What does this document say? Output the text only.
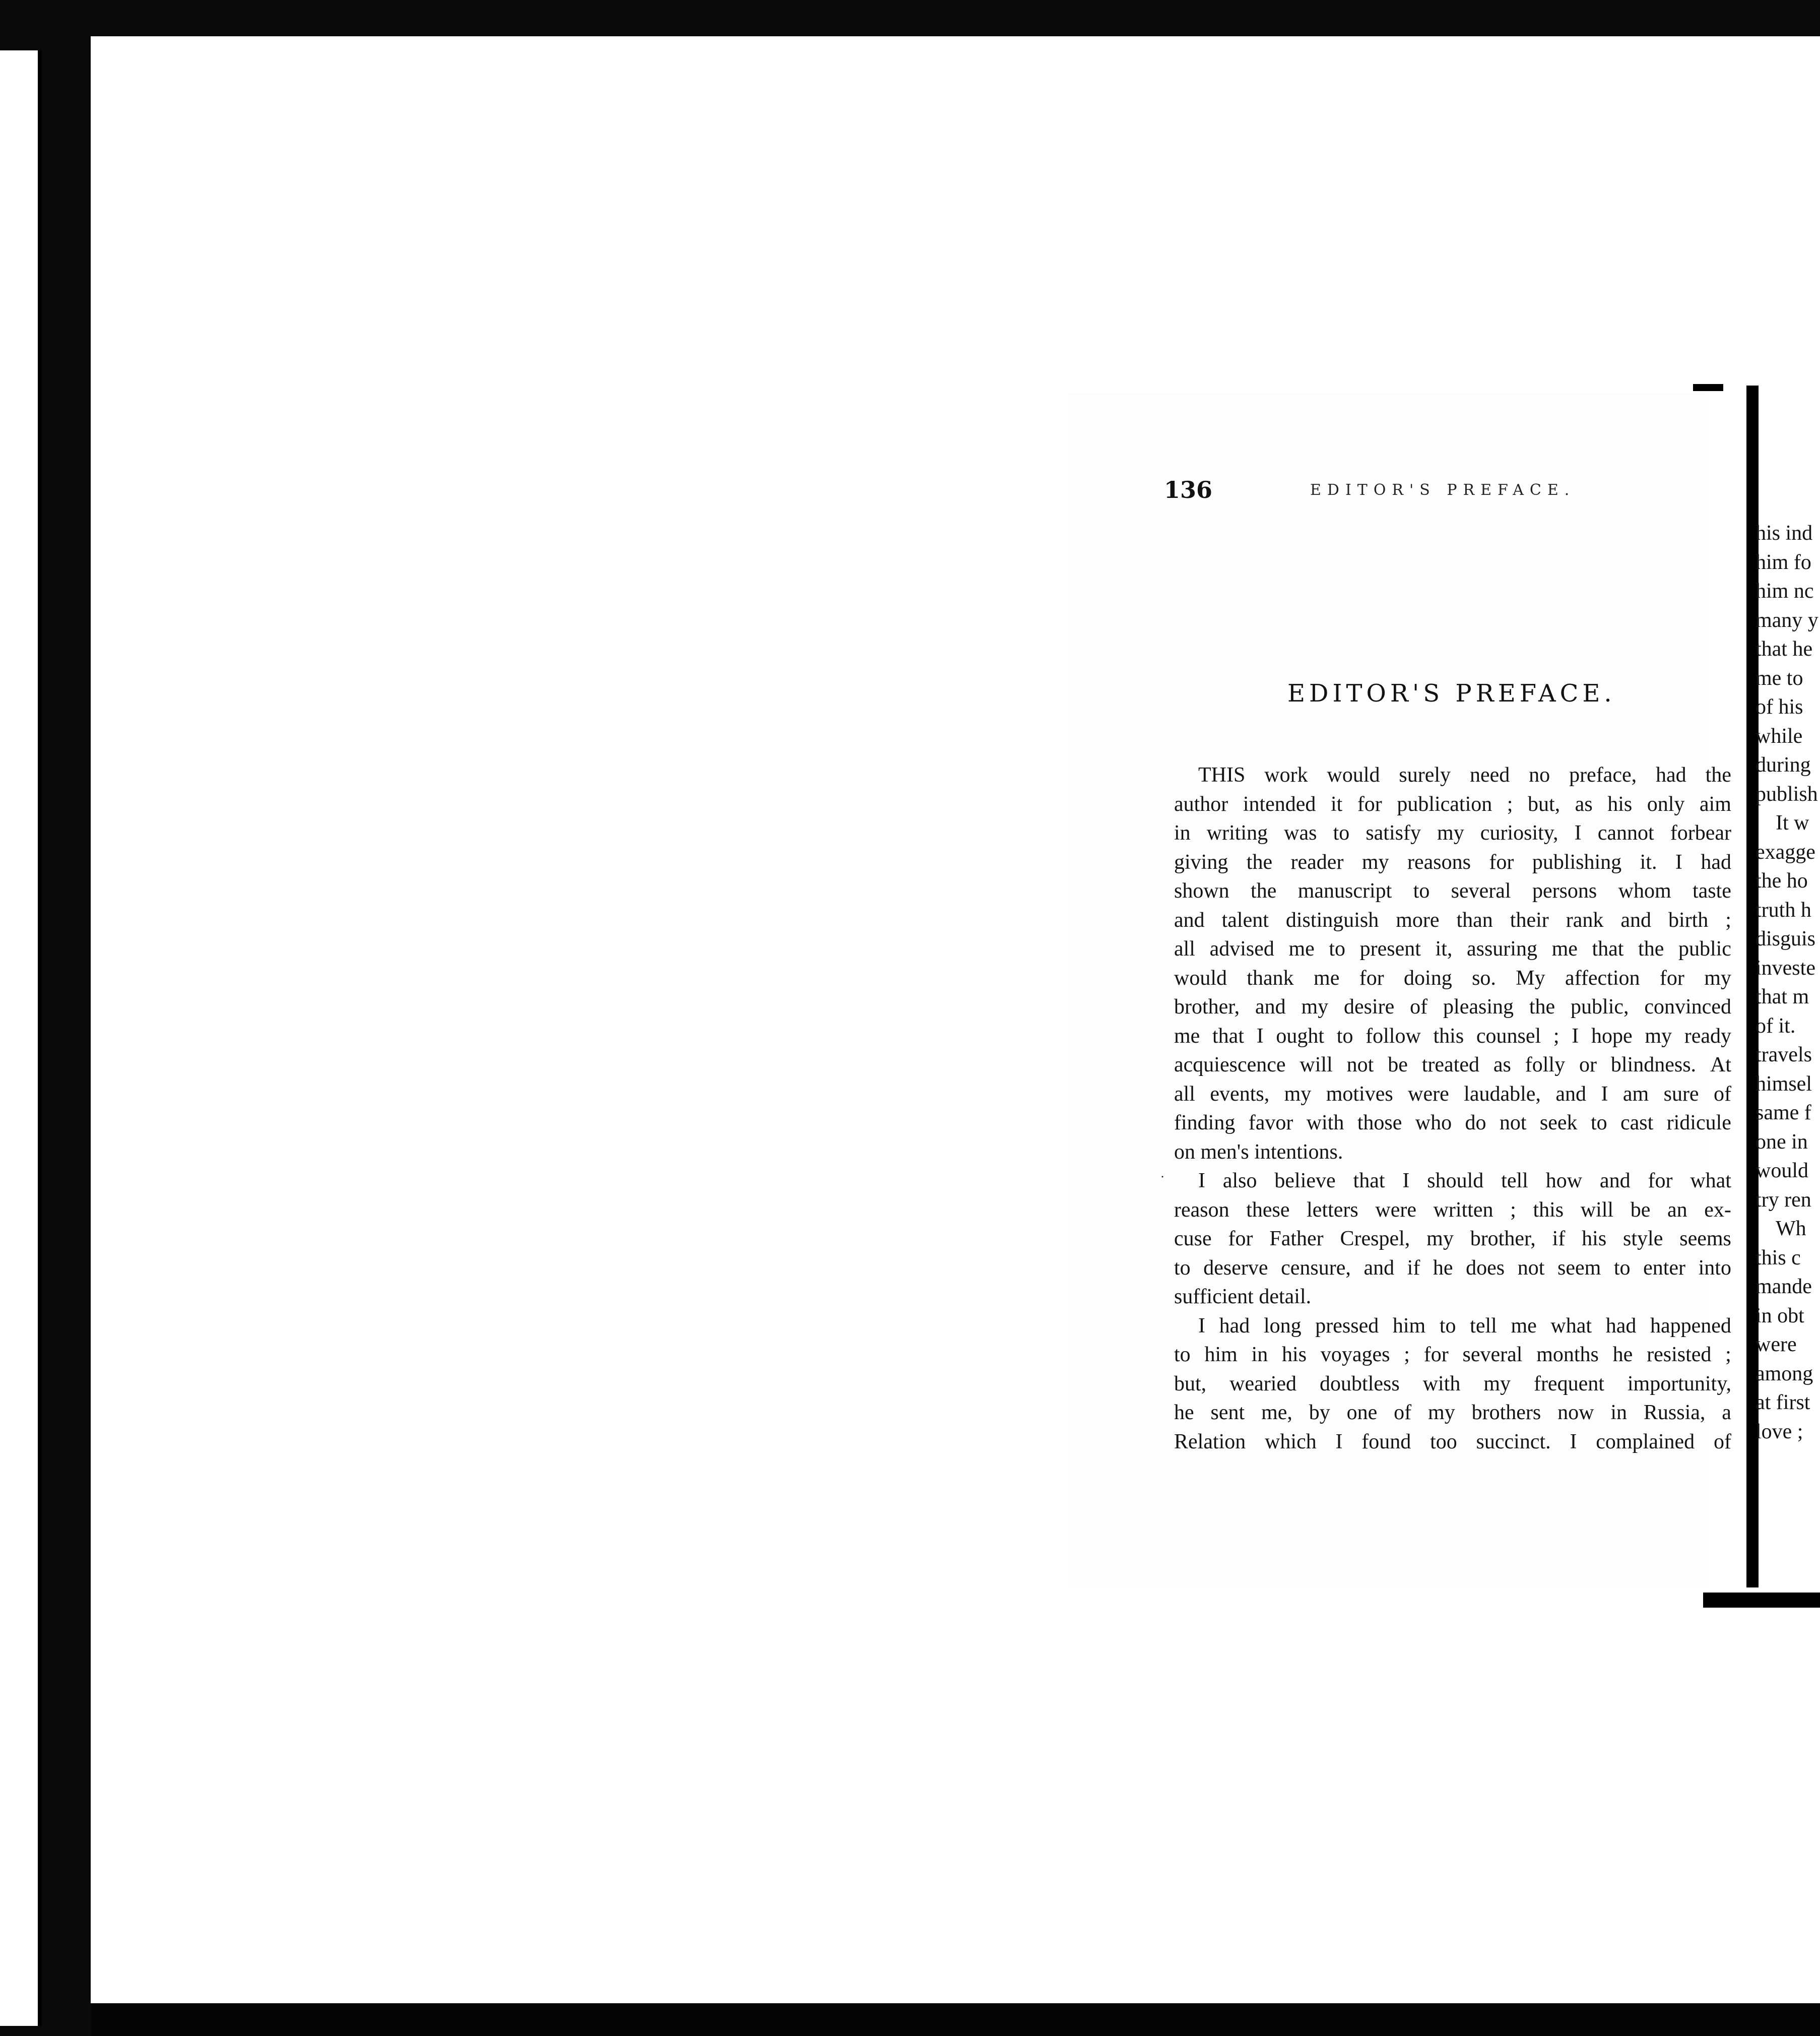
136	EDITOR'S PREFACE.
EDITOR'S PREFACE.
THIS work would surely need no preface, had the
author intended it for publication ; but, as his only aim
in writing was to satisfy my curiosity, I cannot forbear
giving the reader my reasons for publishing it. I had
shown the manuscript to several persons whom taste
and talent distinguish more than their rank and birth ;
all advised me to present it, assuring me that the public
would thank me for doing so. My affection for my
brother, and my desire of pleasing the public, convinced
me that I ought to follow this counsel ; I hope my ready
acquiescence will not be treated as folly or blindness. At
all events, my motives were laudable, and I am sure of
finding favor with those who do not seek to cast ridicule
on men's intentions.
˙ I also believe that I should tell how and for what
reason these letters were written ; this will be an ex-
cuse for Father Crespel, my brother, if his style seems
to deserve censure, and if he does not seem to enter into
sufficient detail.
I had long pressed him to tell me what had happened
to him in his voyages ; for several months he resisted ;
but, wearied doubtless with my frequent importunity,
he sent me, by one of my brothers now in Russia, a
Relation which I found too succinct. I complained of
his ind
him fo
him nc
many y
that he
me to
of his
while
during
publish
It w
exagge
the ho
truth h
disguis
investe
that m
of it.
travels
himsel
same f
one in
would
try ren
Wh
this c
mande
in obt
were
among
at first
love ;
